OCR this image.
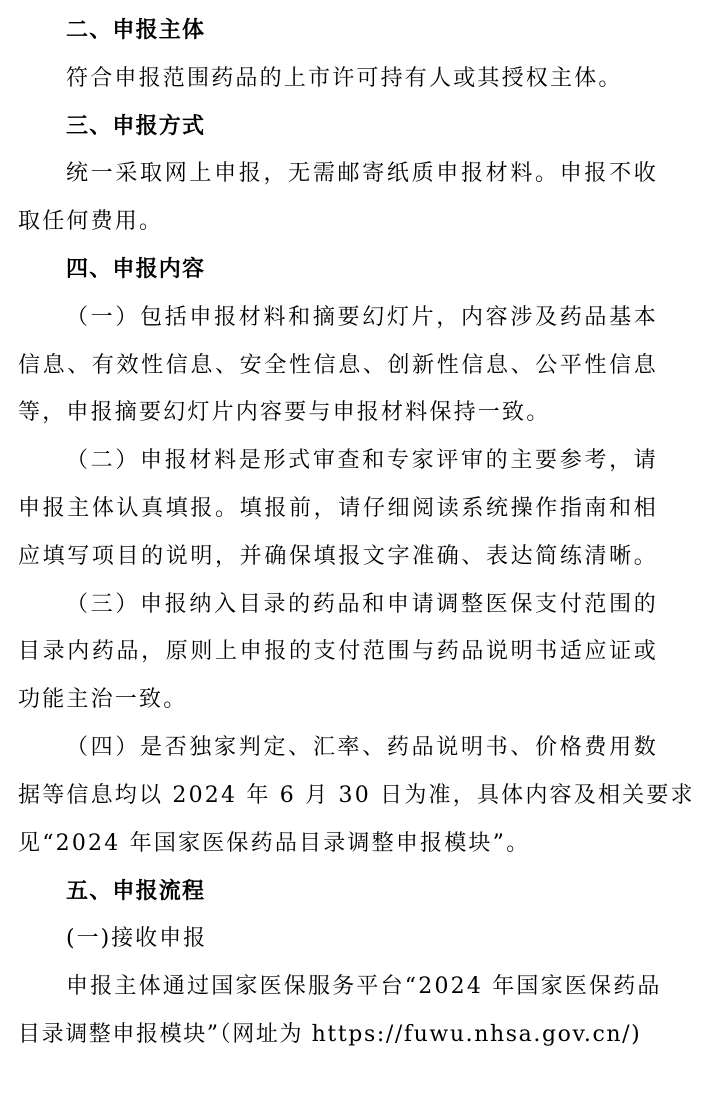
二、申报主体
符合申报范围药品的上市许可持有人或其授权主体。
三、申报方式
统一采取网上申报，无需邮寄纸质申报材料。申报不收
取任何费用。
四、申报内容
（一）包括申报材料和摘要幻灯片，内容涉及药品基本
信息、有效性信息、安全性信息、创新性信息、公平性信息
等，申报摘要幻灯片内容要与申报材料保持一致。
（二）申报材料是形式审查和专家评审的主要参考，请
申报主体认真填报。填报前，请仔细阅读系统操作指南和相
应填写项目的说明，并确保填报文字准确、表达简练清晰。
（三）申报纳入目录的药品和申请调整医保支付范围的
目录内药品，原则上申报的支付范围与药品说明书适应证或
功能主治一致。
（四）是否独家判定、汇率、药品说明书、价格费用数
据等信息均以 2024 年 6 月 30 日为准，具体内容及相关要求
见“2024 年国家医保药品目录调整申报模块”。
五、申报流程
(一)接收申报
申报主体通过国家医保服务平台“2024 年国家医保药品
目录调整申报模块”（网址为 https://fuwu.nhsa.gov.cn/)
